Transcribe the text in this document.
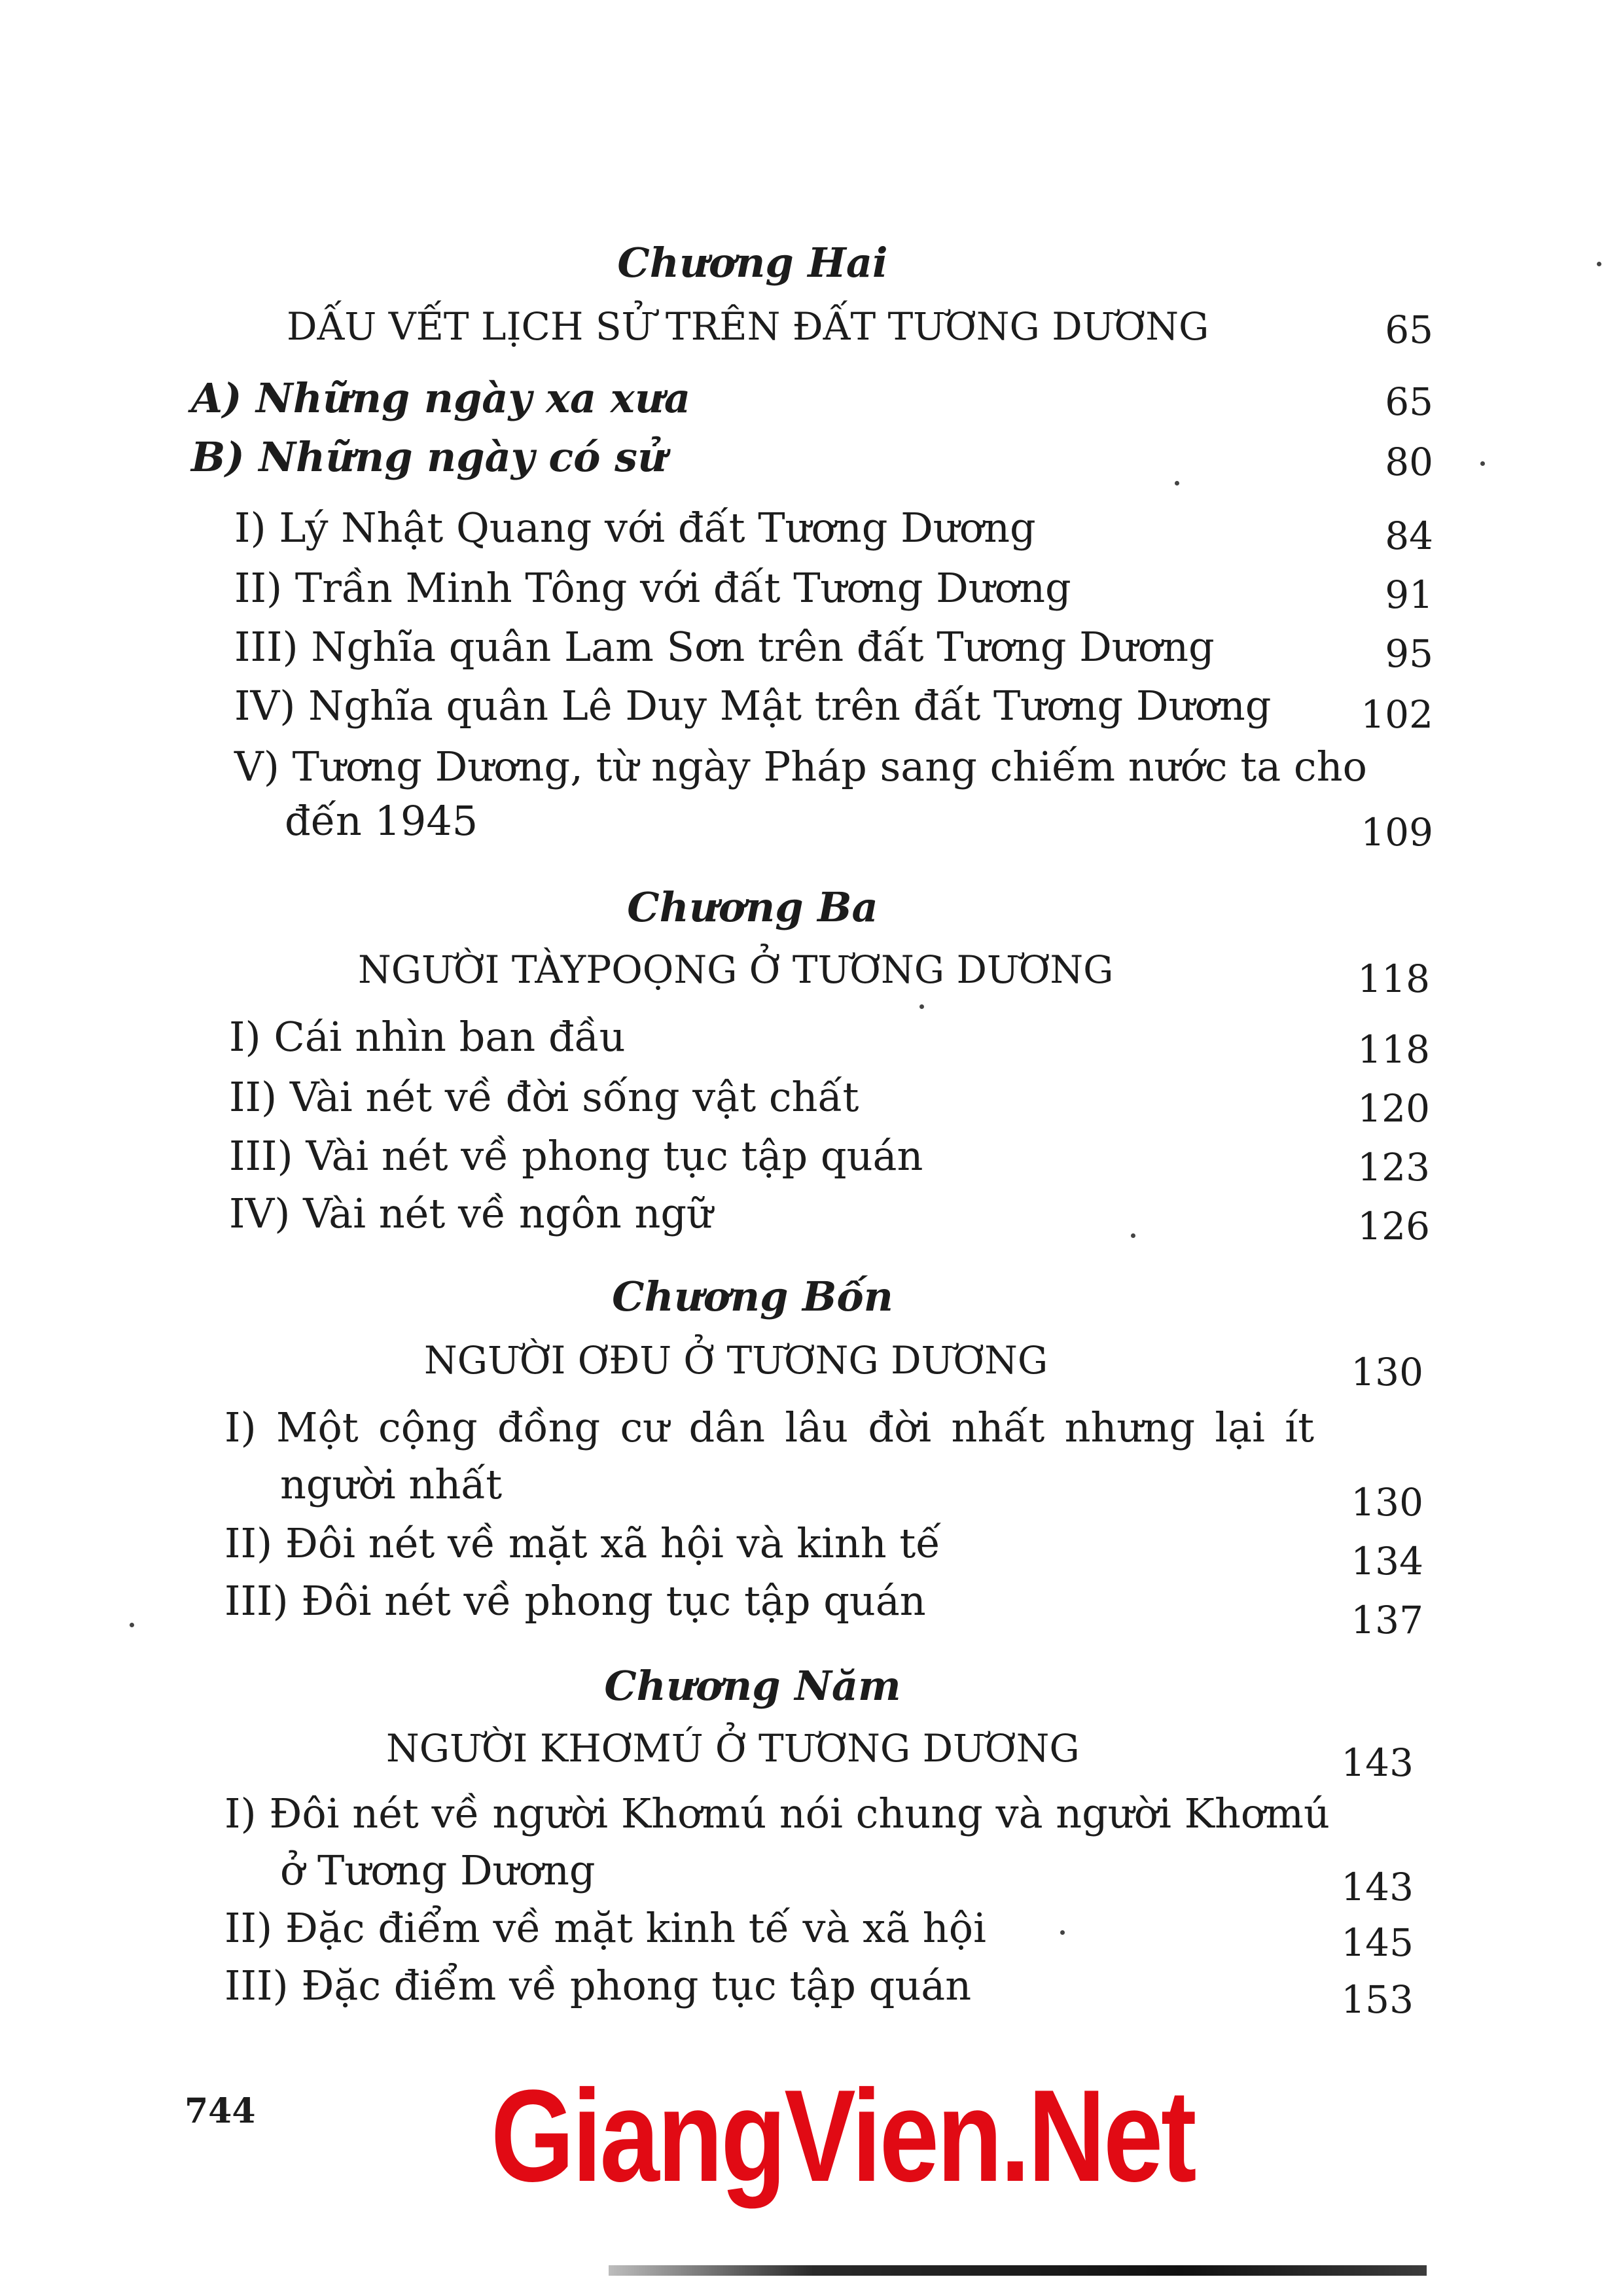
Chương Hai
DẤU VẾT LỊCH SỬ TRÊN ĐẤT TƯƠNG DƯƠNG	65
A) Những ngày xa xưa	65
B) Những ngày có sử	80
I) Lý Nhật Quang với đất Tương Dương	84
II) Trần Minh Tông với đất Tương Dương	91
III) Nghĩa quân Lam Sơn trên đất Tương Dương	95
IV) Nghĩa quân Lê Duy Mật trên đất Tương Dương	102
V) Tương Dương, từ ngày Pháp sang chiếm nước ta cho
đến 1945	109
Chương Ba
NGƯỜI TÀYPOỌNG Ở TƯƠNG DƯƠNG	118
I) Cái nhìn ban đầu	118
II) Vài nét về đời sống vật chất	120
III) Vài nét về phong tục tập quán	123
IV) Vài nét về ngôn ngữ	126
Chương Bốn
NGƯỜI ƠĐU Ở TƯƠNG DƯƠNG	130
I) Một cộng đồng cư dân lâu đời nhất nhưng lại ít
người nhất	130
II) Đôi nét về mặt xã hội và kinh tế	134
III) Đôi nét về phong tục tập quán	137
Chương Năm
NGƯỜI KHƠMÚ Ở TƯƠNG DƯƠNG	143
I) Đôi nét về người Khơmú nói chung và người Khơmú
ở Tương Dương	143
II) Đặc điểm về mặt kinh tế và xã hội	145
III) Đặc điểm về phong tục tập quán	153
744 GiangVien.Net
